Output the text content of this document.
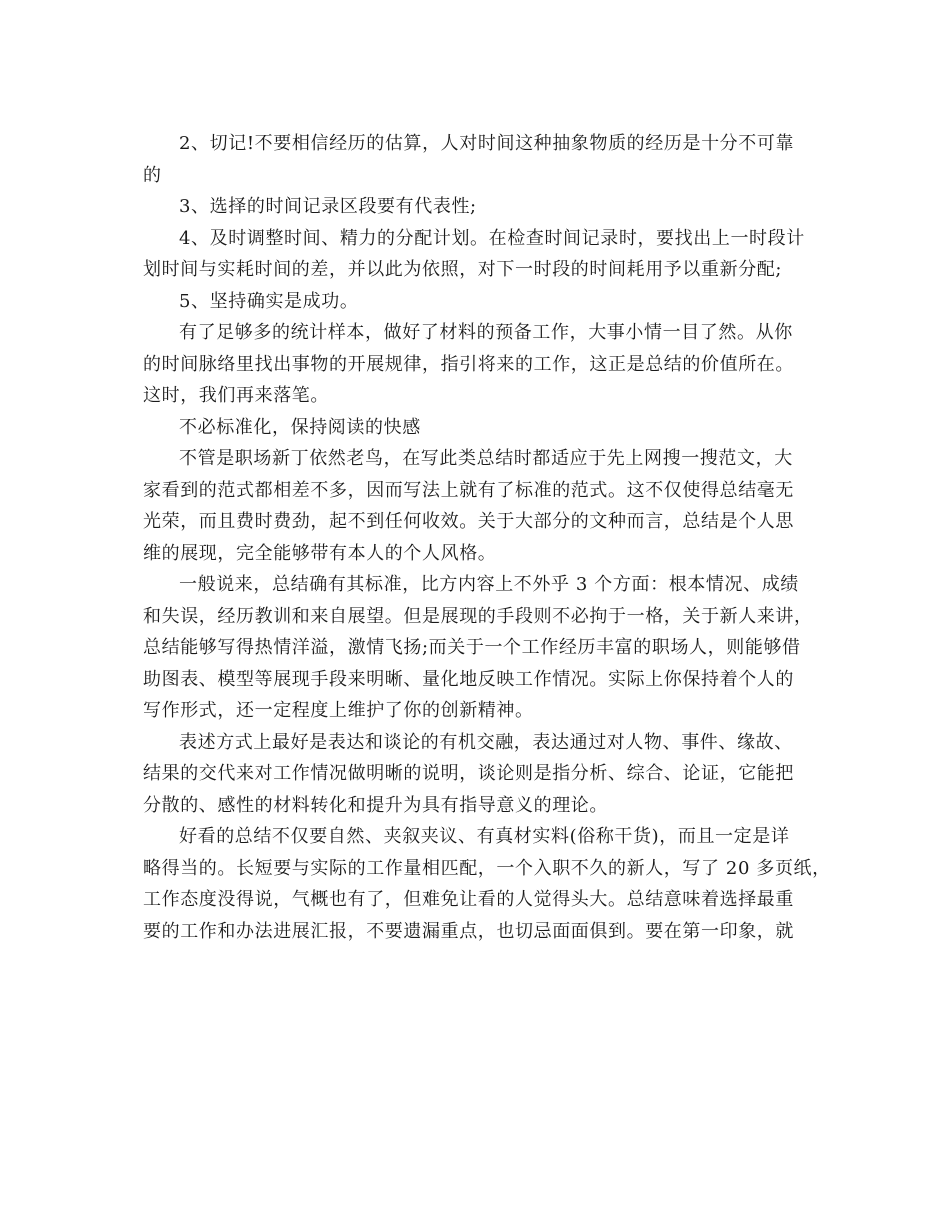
2、切记!不要相信经历的估算，人对时间这种抽象物质的经历是十分不可靠
的

3、选择的时间记录区段要有代表性;

4、及时调整时间、精力的分配计划。在检查时间记录时，要找出上一时段计
划时间与实耗时间的差，并以此为依照，对下一时段的时间耗用予以重新分配;

5、坚持确实是成功。

有了足够多的统计样本，做好了材料的预备工作，大事小情一目了然。从你
的时间脉络里找出事物的开展规律，指引将来的工作，这正是总结的价值所在。
这时，我们再来落笔。

不必标准化，保持阅读的快感

不管是职场新丁依然老鸟，在写此类总结时都适应于先上网搜一搜范文，大
家看到的范式都相差不多，因而写法上就有了标准的范式。这不仅使得总结毫无
光荣，而且费时费劲，起不到任何收效。关于大部分的文种而言，总结是个人思
维的展现，完全能够带有本人的个人风格。

一般说来，总结确有其标准，比方内容上不外乎 3 个方面：根本情况、成绩
和失误，经历教训和来自展望。但是展现的手段则不必拘于一格，关于新人来讲，
总结能够写得热情洋溢，激情飞扬;而关于一个工作经历丰富的职场人，则能够借
助图表、模型等展现手段来明晰、量化地反映工作情况。实际上你保持着个人的
写作形式，还一定程度上维护了你的创新精神。

表述方式上最好是表达和谈论的有机交融，表达通过对人物、事件、缘故、
结果的交代来对工作情况做明晰的说明，谈论则是指分析、综合、论证，它能把
分散的、感性的材料转化和提升为具有指导意义的理论。

好看的总结不仅要自然、夹叙夹议、有真材实料(俗称干货)，而且一定是详
略得当的。长短要与实际的工作量相匹配，一个入职不久的新人，写了 20 多页纸，
工作态度没得说，气概也有了，但难免让看的人觉得头大。总结意味着选择最重
要的工作和办法进展汇报，不要遗漏重点，也切忌面面俱到。要在第一印象，就
